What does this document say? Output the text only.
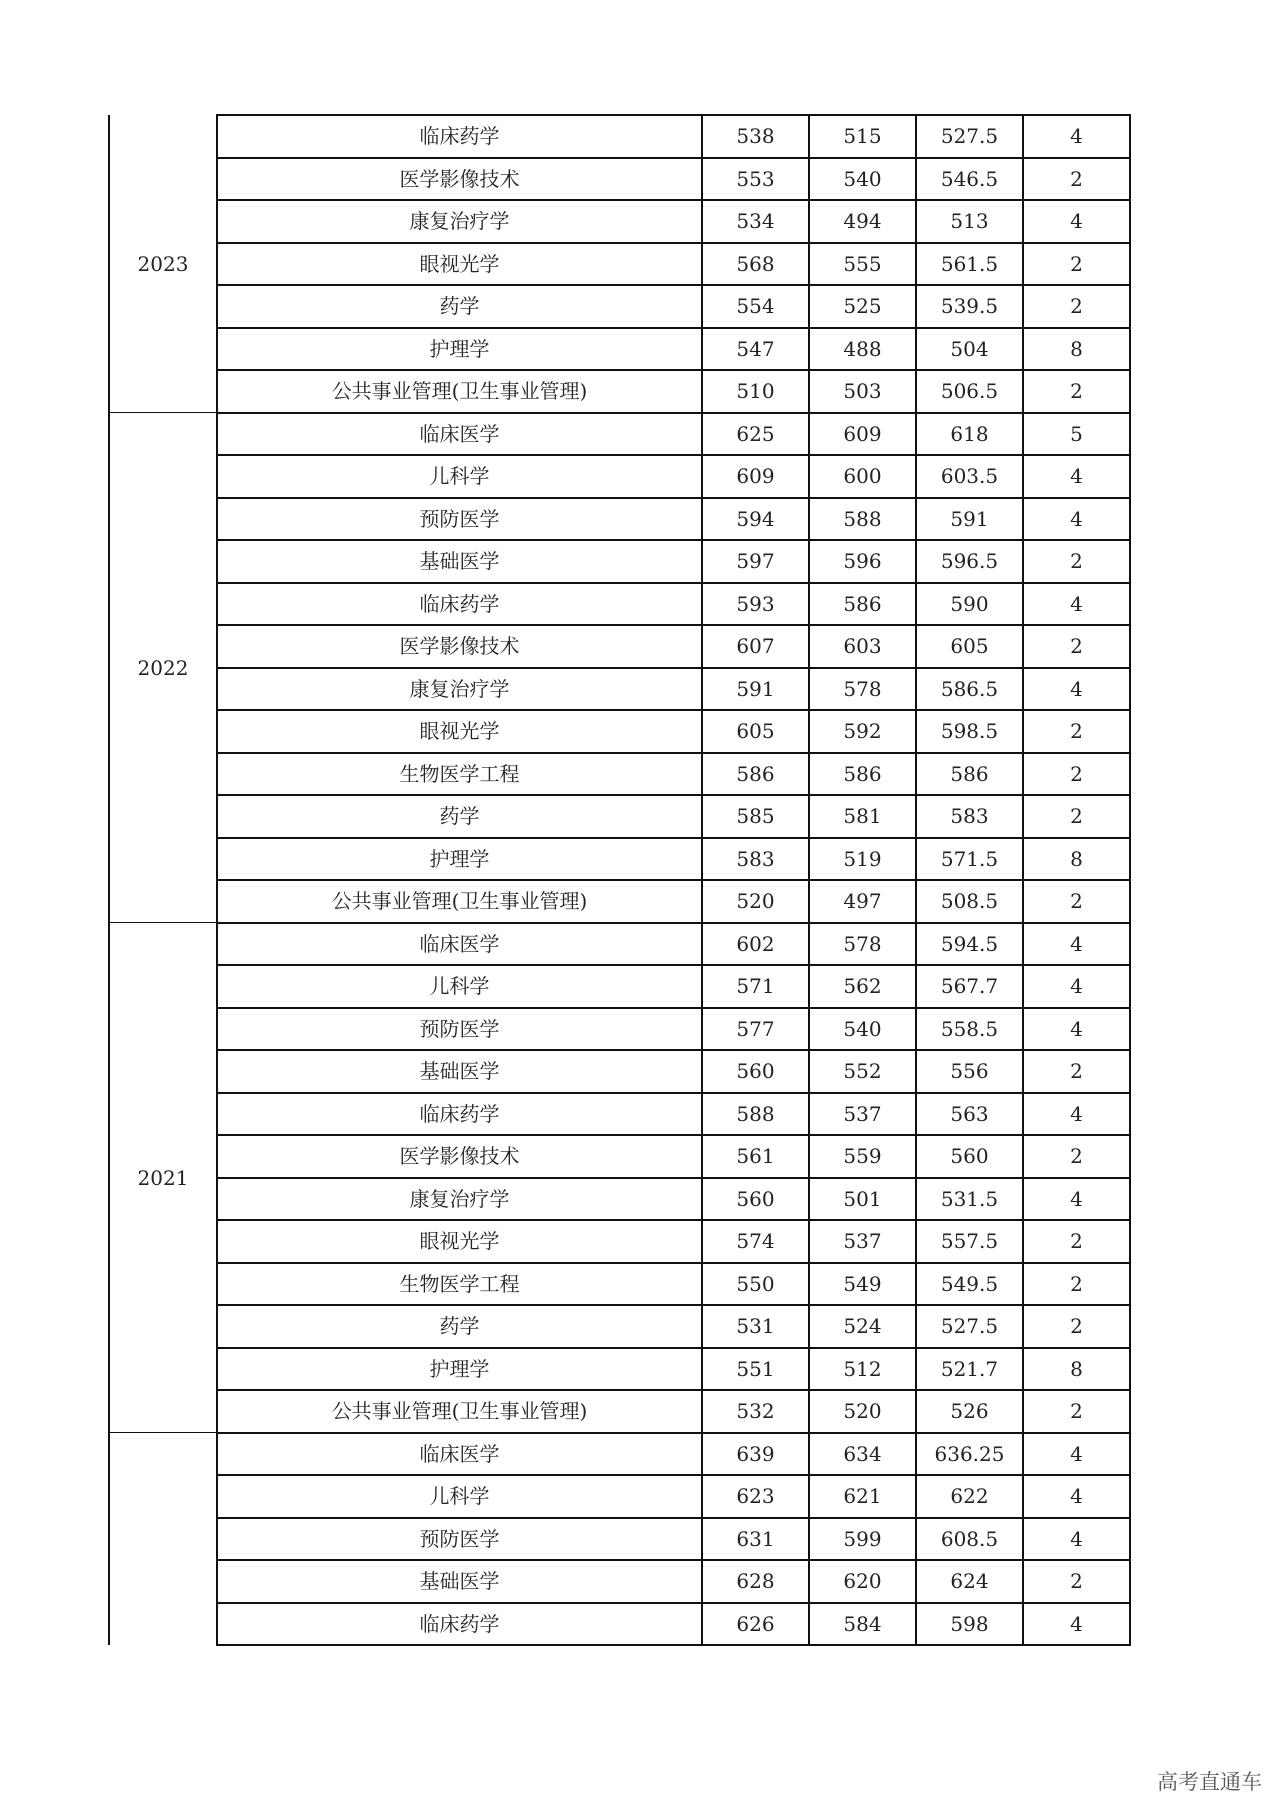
2023	临床药学	538	515	527.5	4
	医学影像技术	553	540	546.5	2
	康复治疗学	534	494	513	4
	眼视光学	568	555	561.5	2
	药学	554	525	539.5	2
	护理学	547	488	504	8
	公共事业管理(卫生事业管理)	510	503	506.5	2
2022	临床医学	625	609	618	5
	儿科学	609	600	603.5	4
	预防医学	594	588	591	4
	基础医学	597	596	596.5	2
	临床药学	593	586	590	4
	医学影像技术	607	603	605	2
	康复治疗学	591	578	586.5	4
	眼视光学	605	592	598.5	2
	生物医学工程	586	586	586	2
	药学	585	581	583	2
	护理学	583	519	571.5	8
	公共事业管理(卫生事业管理)	520	497	508.5	2
2021	临床医学	602	578	594.5	4
	儿科学	571	562	567.7	4
	预防医学	577	540	558.5	4
	基础医学	560	552	556	2
	临床药学	588	537	563	4
	医学影像技术	561	559	560	2
	康复治疗学	560	501	531.5	4
	眼视光学	574	537	557.5	2
	生物医学工程	550	549	549.5	2
	药学	531	524	527.5	2
	护理学	551	512	521.7	8
	公共事业管理(卫生事业管理)	532	520	526	2
	临床医学	639	634	636.25	4
	儿科学	623	621	622	4
	预防医学	631	599	608.5	4
	基础医学	628	620	624	2
	临床药学	626	584	598	4
高考直通车
